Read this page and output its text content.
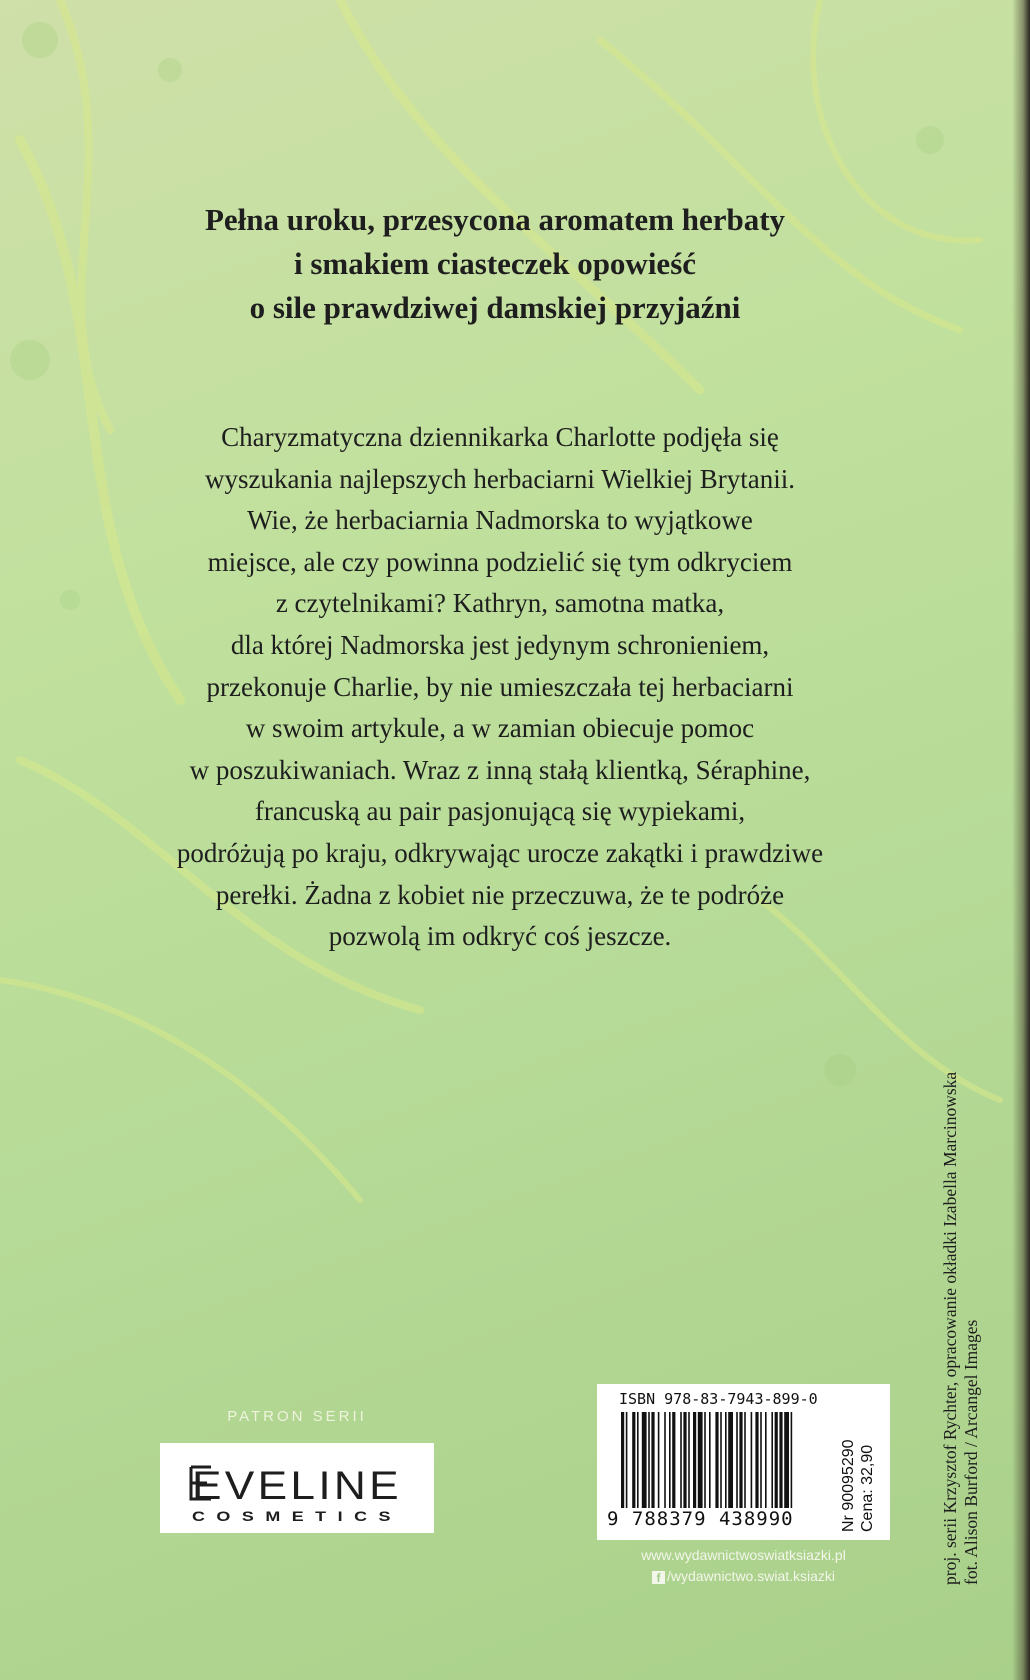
Pełna uroku, przesycona aromatem herbaty
i smakiem ciasteczek opowieść
o sile prawdziwej damskiej przyjaźni
Charyzmatyczna dziennikarka Charlotte podjęła się
wyszukania najlepszych herbaciarni Wielkiej Brytanii.
Wie, że herbaciarnia Nadmorska to wyjątkowe
miejsce, ale czy powinna podzielić się tym odkryciem
z czytelnikami? Kathryn, samotna matka,
dla której Nadmorska jest jedynym schronieniem,
przekonuje Charlie, by nie umieszczała tej herbaciarni
w swoim artykule, a w zamian obiecuje pomoc
w poszukiwaniach. Wraz z inną stałą klientką, Séraphine,
francuską au pair pasjonującą się wypiekami,
podróżują po kraju, odkrywając urocze zakątki i prawdziwe
perełki. Żadna z kobiet nie przeczuwa, że te podróże
pozwolą im odkryć coś jeszcze.
PATRON SERII
EVELINE
COSMETICS
ISBN 978-83-7943-899-0
9 788379 438990	Nr 90095290 Cena: 32,90
www.wydawnictwoswiatksiazki.pl
f /wydawnictwo.swiat.ksiazki	proj. serii Krzysztof Rychter, opracowanie okładki Izabella Marcinowska fot. Alison Burford / Arcangel Images
